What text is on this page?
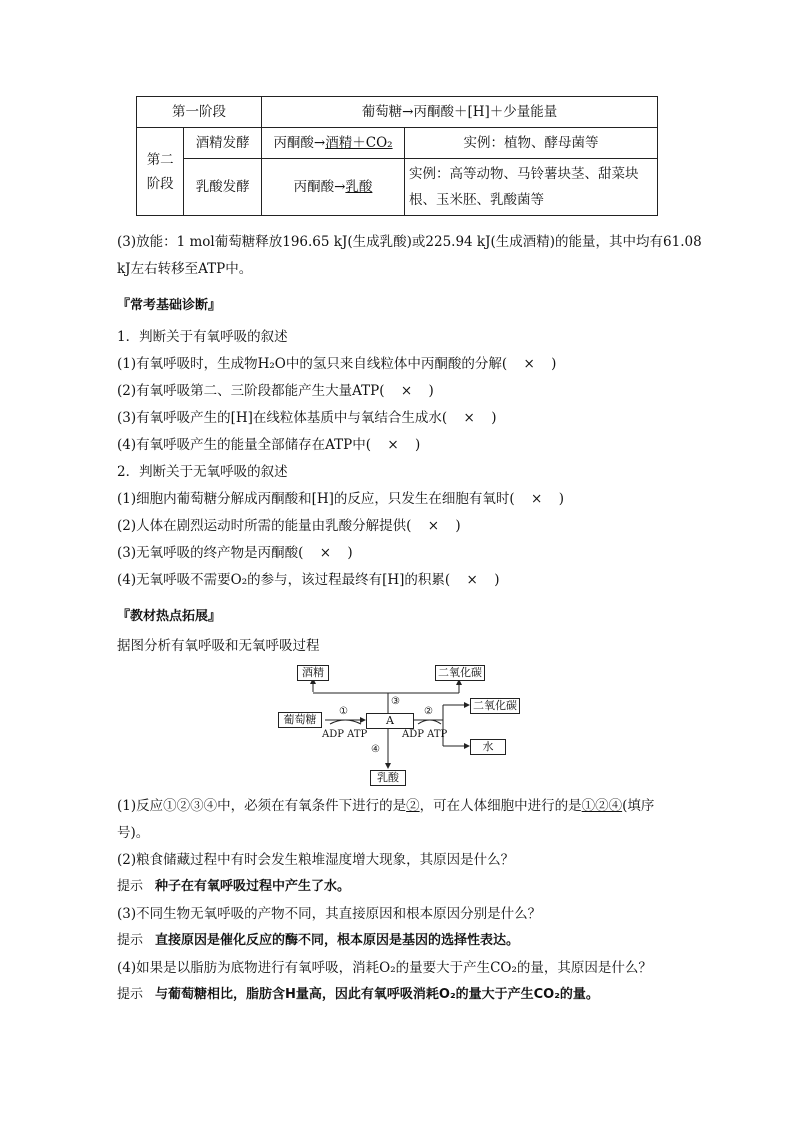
第一阶段		葡萄糖→丙酮酸＋[H]＋少量能量	

第二
阶段	酒精发酵	丙酮酸→酒精＋CO₂	实例：植物、酵母菌等
	乳酸发酵	丙酮酸→乳酸	实例：高等动物、马铃薯块茎、甜菜块
根、玉米胚、乳酸菌等
(3)放能：1 mol葡萄糖释放196.65 kJ(生成乳酸)或225.94 kJ(生成酒精)的能量，其中均有61.08
kJ左右转移至ATP中。
『常考基础诊断』
1．判断关于有氧呼吸的叙述
(1)有氧呼吸时，生成物H₂O中的氢只来自线粒体中丙酮酸的分解( × )
(2)有氧呼吸第二、三阶段都能产生大量ATP( × )
(3)有氧呼吸产生的[H]在线粒体基质中与氧结合生成水( × )
(4)有氧呼吸产生的能量全部储存在ATP中( × )
2．判断关于无氧呼吸的叙述
(1)细胞内葡萄糖分解成丙酮酸和[H]的反应，只发生在细胞有氧时( × )
(2)人体在剧烈运动时所需的能量由乳酸分解提供( × )
(3)无氧呼吸的终产物是丙酮酸( × )
(4)无氧呼吸不需要O₂的参与，该过程最终有[H]的积累( × )
『教材热点拓展』
据图分析有氧呼吸和无氧呼吸过程
酒精	二氧化碳
③
葡萄糖
①
A
②	二氧化碳
ADP ATP	ADP ATP
水
④
乳酸
(1)反应①②③④中，必须在有氧条件下进行的是②，可在人体细胞中进行的是①②④(填序
号)。
(2)粮食储藏过程中有时会发生粮堆湿度增大现象，其原因是什么？
提示 种子在有氧呼吸过程中产生了水。
(3)不同生物无氧呼吸的产物不同，其直接原因和根本原因分别是什么？
提示 直接原因是催化反应的酶不同，根本原因是基因的选择性表达。
(4)如果是以脂肪为底物进行有氧呼吸，消耗O₂的量要大于产生CO₂的量，其原因是什么？
提示 与葡萄糖相比，脂肪含H量高，因此有氧呼吸消耗O₂的量大于产生CO₂的量。
